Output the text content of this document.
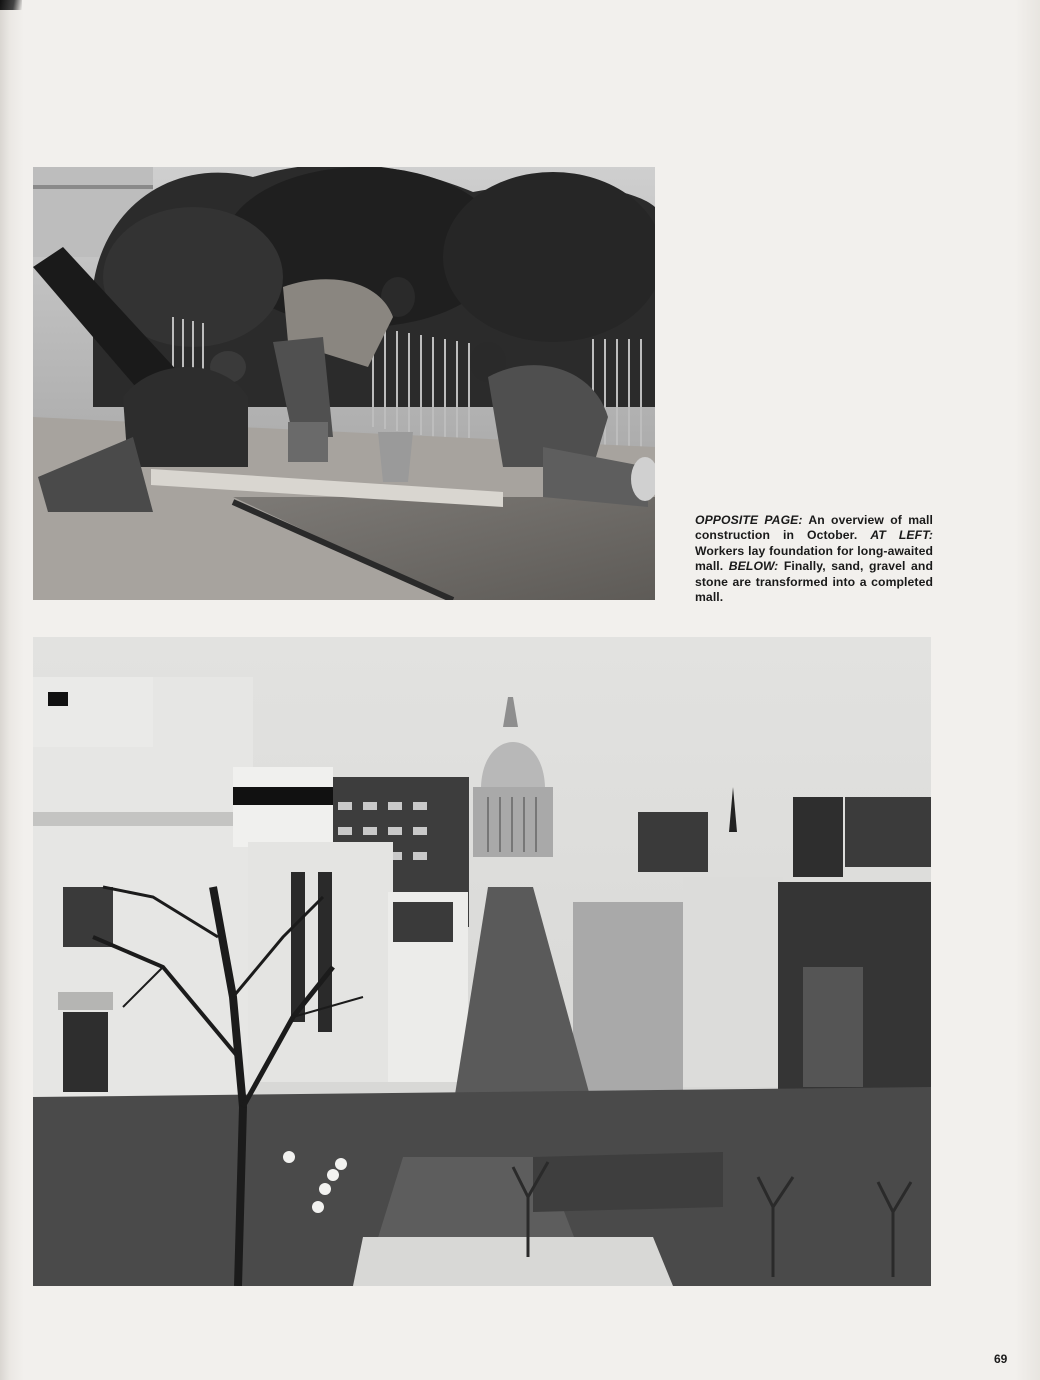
OPPOSITE PAGE: An overview of mall construction in October. AT LEFT: Workers lay foundation for long-awaited mall. BELOW: Finally, sand, gravel and stone are transformed into a completed mall.
69
